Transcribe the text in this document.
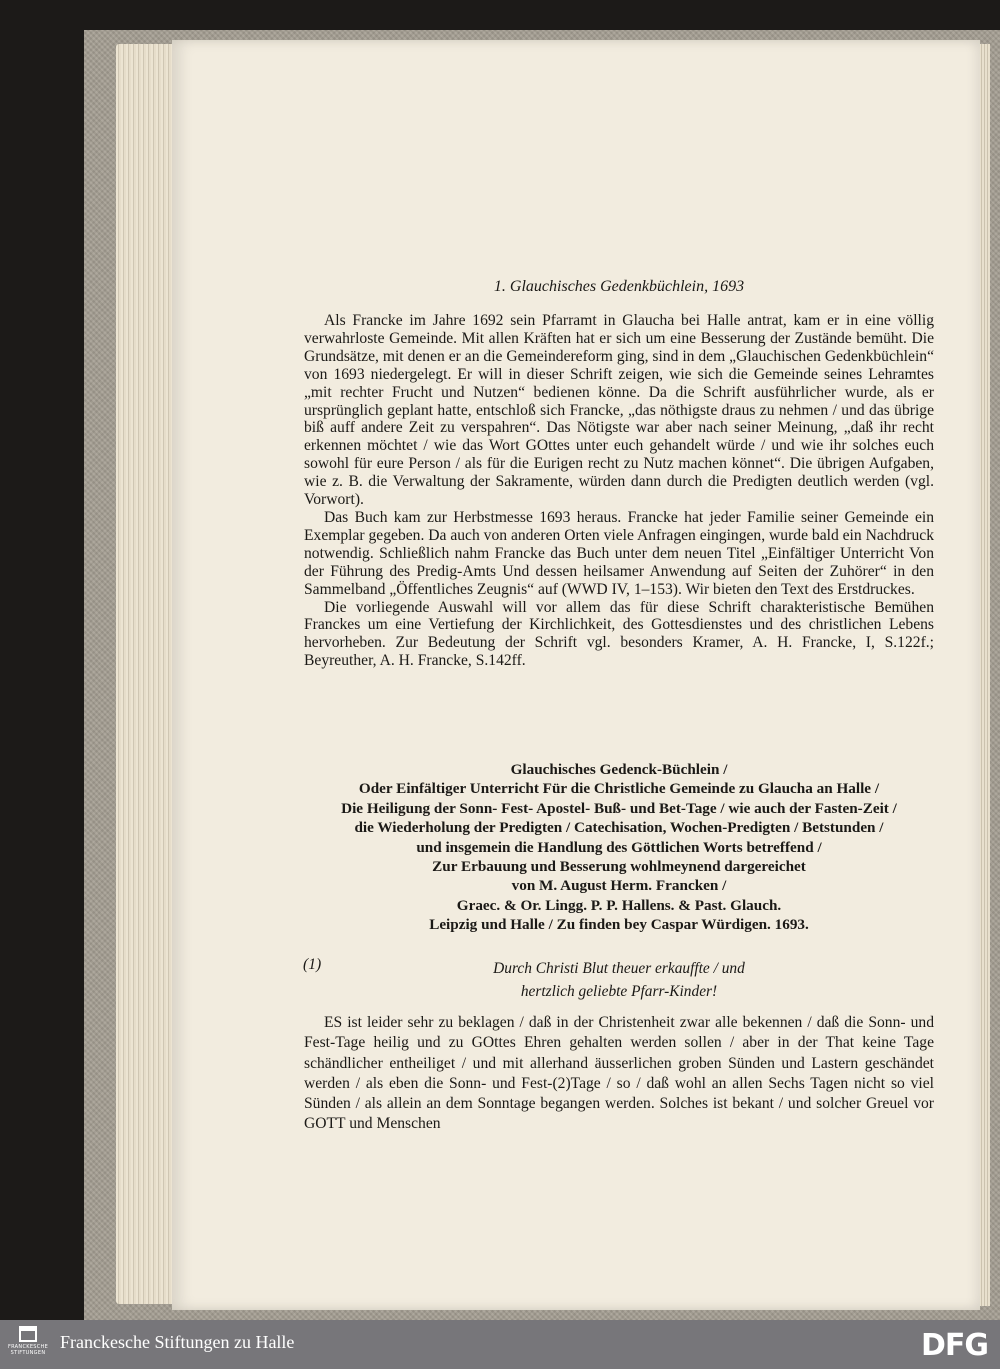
1. Glauchisches Gedenkbüchlein, 1693

Als Francke im Jahre 1692 sein Pfarramt in Glaucha bei Halle antrat, kam er in eine völlig verwahrloste Gemeinde. Mit allen Kräften hat er sich um eine Besserung der Zustände bemüht. Die Grundsätze, mit denen er an die Gemeindereform ging, sind in dem „Glauchischen Gedenkbüchlein“ von 1693 niedergelegt. Er will in dieser Schrift zeigen, wie sich die Gemeinde seines Lehramtes „mit rechter Frucht und Nutzen“ bedienen könne. Da die Schrift ausführlicher wurde, als er ursprünglich geplant hatte, entschloß sich Francke, „das nöthigste draus zu nehmen / und das übrige biß auff andere Zeit zu verspahren“. Das Nötigste war aber nach seiner Meinung, „daß ihr recht erkennen möchtet / wie das Wort GOttes unter euch gehandelt würde / und wie ihr solches euch sowohl für eure Person / als für die Eurigen recht zu Nutz machen könnet“. Die übrigen Aufgaben, wie z. B. die Verwaltung der Sakramente, würden dann durch die Predigten deutlich werden (vgl. Vorwort).

Das Buch kam zur Herbstmesse 1693 heraus. Francke hat jeder Familie seiner Gemeinde ein Exemplar gegeben. Da auch von anderen Orten viele Anfragen eingingen, wurde bald ein Nachdruck notwendig. Schließlich nahm Francke das Buch unter dem neuen Titel „Einfältiger Unterricht Von der Führung des Predig-Amts Und dessen heilsamer Anwendung auf Seiten der Zuhörer“ in den Sammelband „Öffentliches Zeugnis“ auf (WWD IV, 1–153). Wir bieten den Text des Erstdruckes.

Die vorliegende Auswahl will vor allem das für diese Schrift charakteristische Bemühen Franckes um eine Vertiefung der Kirchlichkeit, des Gottesdienstes und des christlichen Lebens hervorheben. Zur Bedeutung der Schrift vgl. besonders Kramer, A. H. Francke, I, S.122f.; Beyreuther, A. H. Francke, S.142ff.

Glauchisches Gedenck-Büchlein /
Oder Einfältiger Unterricht Für die Christliche Gemeinde zu Glaucha an Halle /
Die Heiligung der Sonn- Fest- Apostel- Buß- und Bet-Tage / wie auch der Fasten-Zeit /
die Wiederholung der Predigten / Catechisation, Wochen-Predigten / Betstunden /
und insgemein die Handlung des Göttlichen Worts betreffend /
Zur Erbauung und Besserung wohlmeynend dargereichet
von M. August Herm. Francken /
Graec. & Or. Lingg. P. P. Hallens. & Past. Glauch.
Leipzig und Halle / Zu finden bey Caspar Würdigen. 1693.
(1)	Durch Christi Blut theuer erkauffte / und
hertzlich geliebte Pfarr-Kinder!

ES ist leider sehr zu beklagen / daß in der Christenheit zwar alle bekennen / daß die Sonn- und Fest-Tage heilig und zu GOttes Ehren gehalten werden sollen / aber in der That keine Tage schändlicher entheiliget / und mit allerhand äusserlichen groben Sünden und Lastern geschändet werden / als eben die Sonn- und Fest-(2)Tage / so / daß wohl an allen Sechs Tagen nicht so viel Sünden / als allein an dem Sonntage begangen werden. Solches ist bekant / und solcher Greuel vor GOTT und Menschen

FRANCKESCHE STIFTUNGEN
Franckesche Stiftungen zu Halle	DFG
